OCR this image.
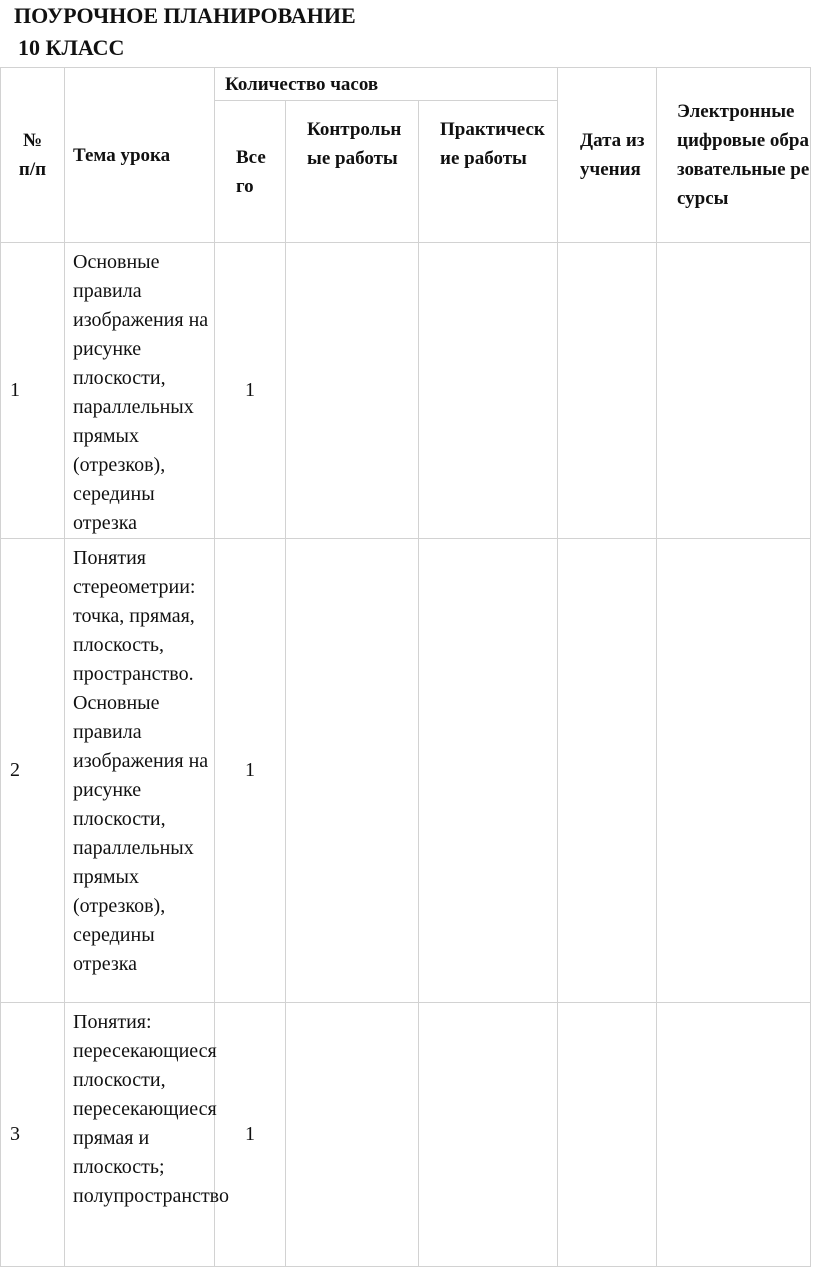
ПОУРОЧНОЕ ПЛАНИРОВАНИЕ
10 КЛАСС
№ п/п	Тема урока	Количество часов			Дата изучения	Электронные цифровые образовательные ресурсы
		Всего	Контрольные работы	Практические работы		
1	Основные правила изображения на рисунке плоскости, параллельных прямых (отрезков), середины отрезка	1				
2	Понятия стереометрии: точка, прямая, плоскость, пространство. Основные правила изображения на рисунке плоскости, параллельных прямых (отрезков), середины отрезка	1				
3	Понятия: пересекающиеся плоскости, пересекающиеся прямая и плоскость; полупространство	1				
